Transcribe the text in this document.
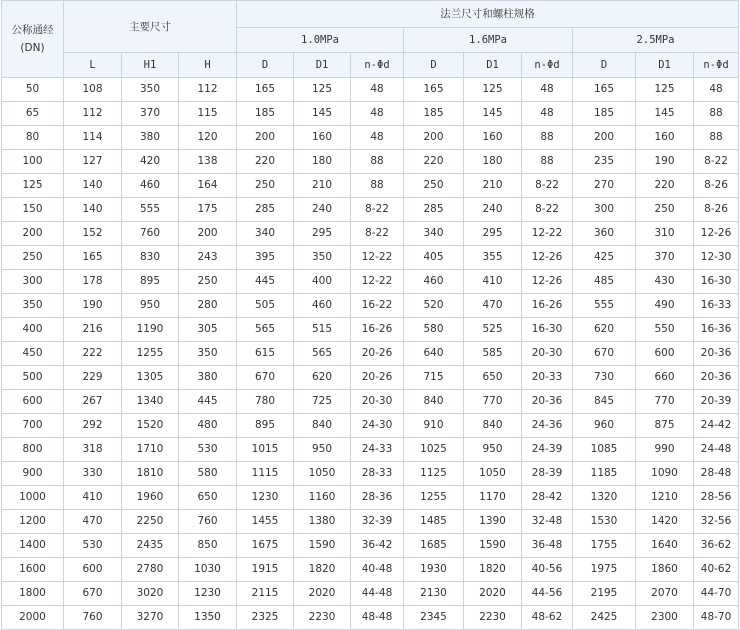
公称通经
(DN)	主要尺寸			法兰尺寸和螺柱规格								
				1.0MPa			1.6MPa			2.5MPa		
	L	H1	H	D	D1	n-Φd	D	D1	n-Φd	D	D1	n-Φd
50	108	350	112	165	125	48	165	125	48	165	125	48
65	112	370	115	185	145	48	185	145	48	185	145	88
80	114	380	120	200	160	48	200	160	88	200	160	88
100	127	420	138	220	180	88	220	180	88	235	190	8-22
125	140	460	164	250	210	88	250	210	8-22	270	220	8-26
150	140	555	175	285	240	8-22	285	240	8-22	300	250	8-26
200	152	760	200	340	295	8-22	340	295	12-22	360	310	12-26
250	165	830	243	395	350	12-22	405	355	12-26	425	370	12-30
300	178	895	250	445	400	12-22	460	410	12-26	485	430	16-30
350	190	950	280	505	460	16-22	520	470	16-26	555	490	16-33
400	216	1190	305	565	515	16-26	580	525	16-30	620	550	16-36
450	222	1255	350	615	565	20-26	640	585	20-30	670	600	20-36
500	229	1305	380	670	620	20-26	715	650	20-33	730	660	20-36
600	267	1340	445	780	725	20-30	840	770	20-36	845	770	20-39
700	292	1520	480	895	840	24-30	910	840	24-36	960	875	24-42
800	318	1710	530	1015	950	24-33	1025	950	24-39	1085	990	24-48
900	330	1810	580	1115	1050	28-33	1125	1050	28-39	1185	1090	28-48
1000	410	1960	650	1230	1160	28-36	1255	1170	28-42	1320	1210	28-56
1200	470	2250	760	1455	1380	32-39	1485	1390	32-48	1530	1420	32-56
1400	530	2435	850	1675	1590	36-42	1685	1590	36-48	1755	1640	36-62
1600	600	2780	1030	1915	1820	40-48	1930	1820	40-56	1975	1860	40-62
1800	670	3020	1230	2115	2020	44-48	2130	2020	44-56	2195	2070	44-70
2000	760	3270	1350	2325	2230	48-48	2345	2230	48-62	2425	2300	48-70
